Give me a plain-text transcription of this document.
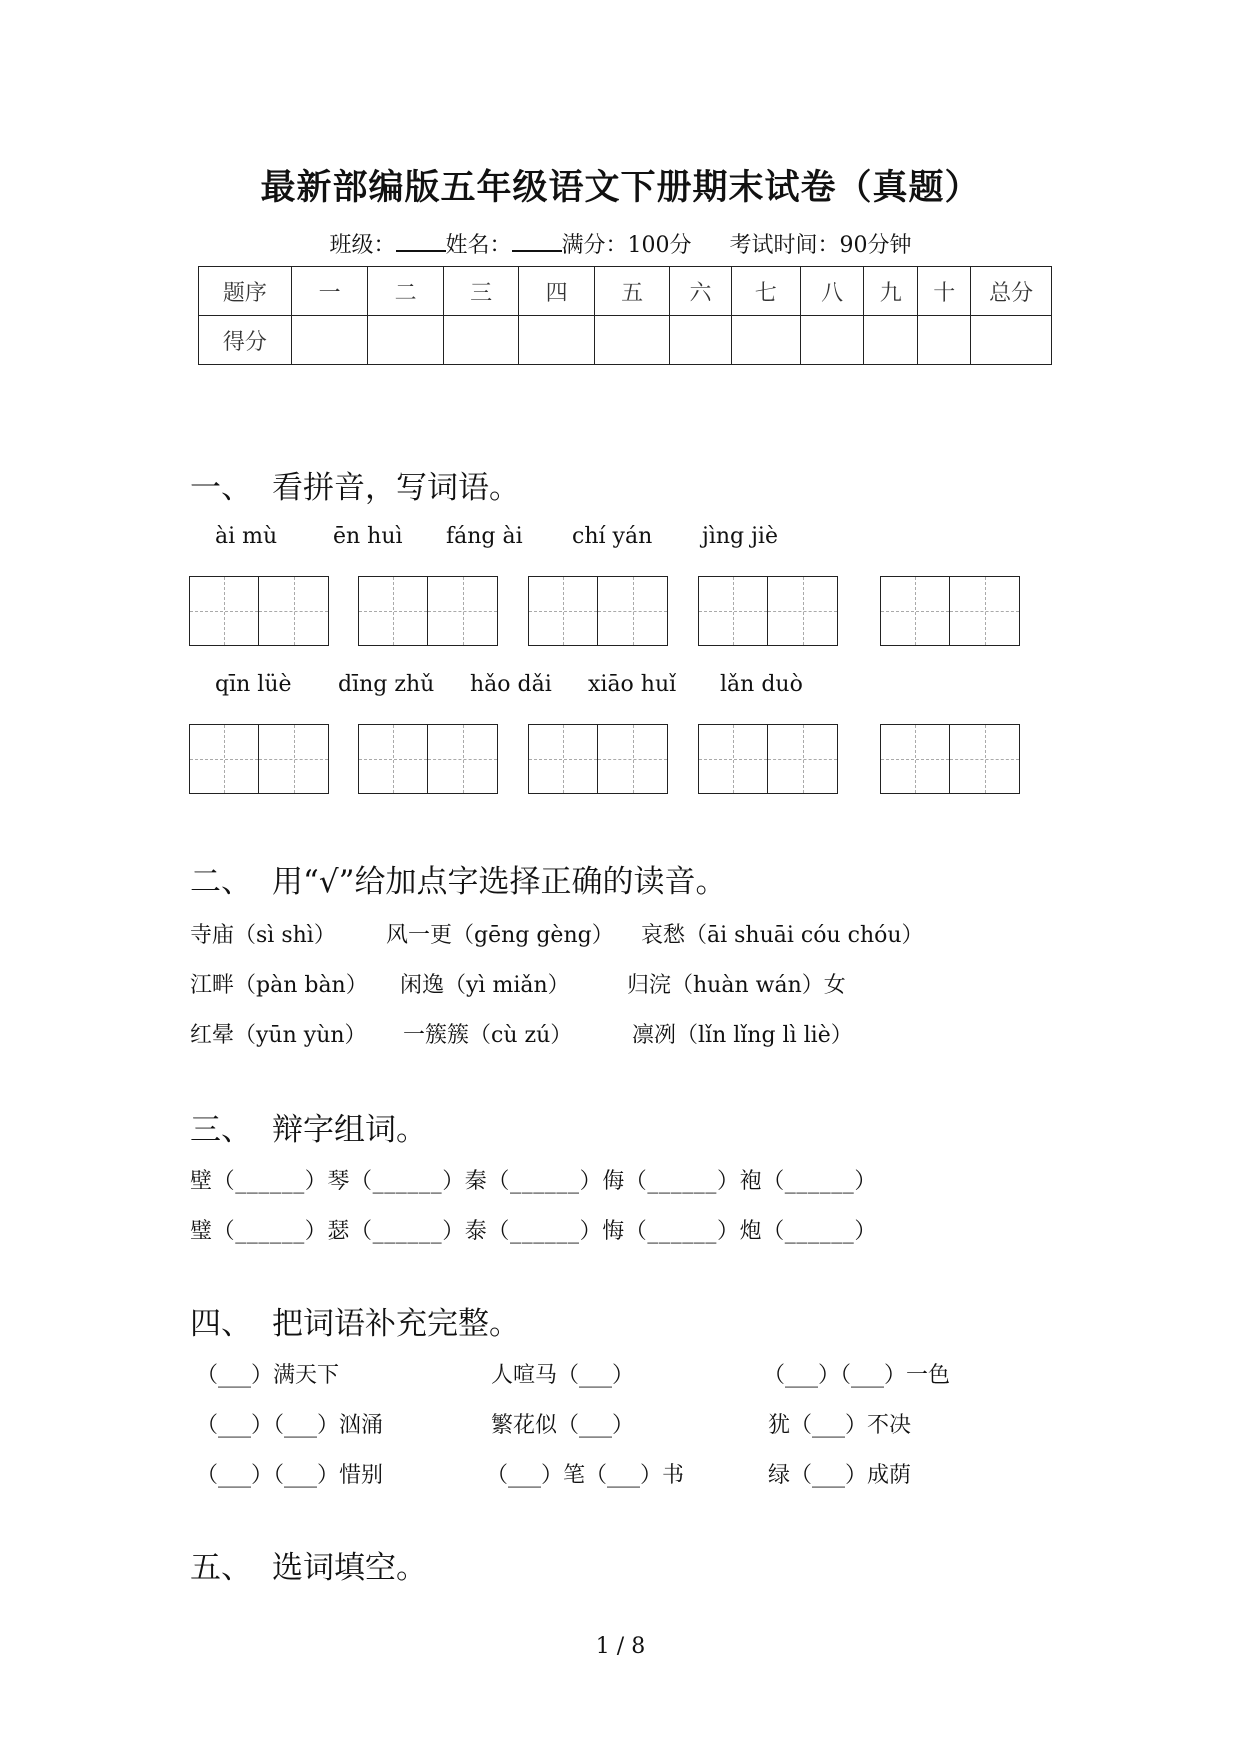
最新部编版五年级语文下册期末试卷（真题）
班级： 姓名： 满分：100分 考试时间：90分钟
题序	一	二	三	四	五	六	七	八	九	十	总分
得分											
一、 看拼音，写词语。
ài mù	ēn huì fáng ài chí yán jìng jiè
qīn lüè dīng zhǔ hǎo dǎi xiāo huǐ lǎn duò
二、 用“√”给加点字选择正确的读音。
寺庙（sì shì） 风一更（gēng gèng） 哀愁（āi shuāi cóu chóu）
江畔（pàn bàn） 闲逸（yì miǎn）	归浣（huàn wán）女
红晕（yūn yùn） 一簇簇（cù zú）	凛冽（lǐn lǐng lì liè）
三、 辩字组词。
壁（______）琴（______）秦（______）侮（______）袍（______）
璧（______）瑟（______）泰（______）悔（______）炮（______）
四、 把词语补充完整。
（___）满天下	人喧马（___）	（___）（___）一色
（___）（___）汹涌	繁花似（___）	犹（___）不决
（___）（___）惜别	（___）笔（___）书	绿（___）成荫
五、 选词填空。
1 / 8
